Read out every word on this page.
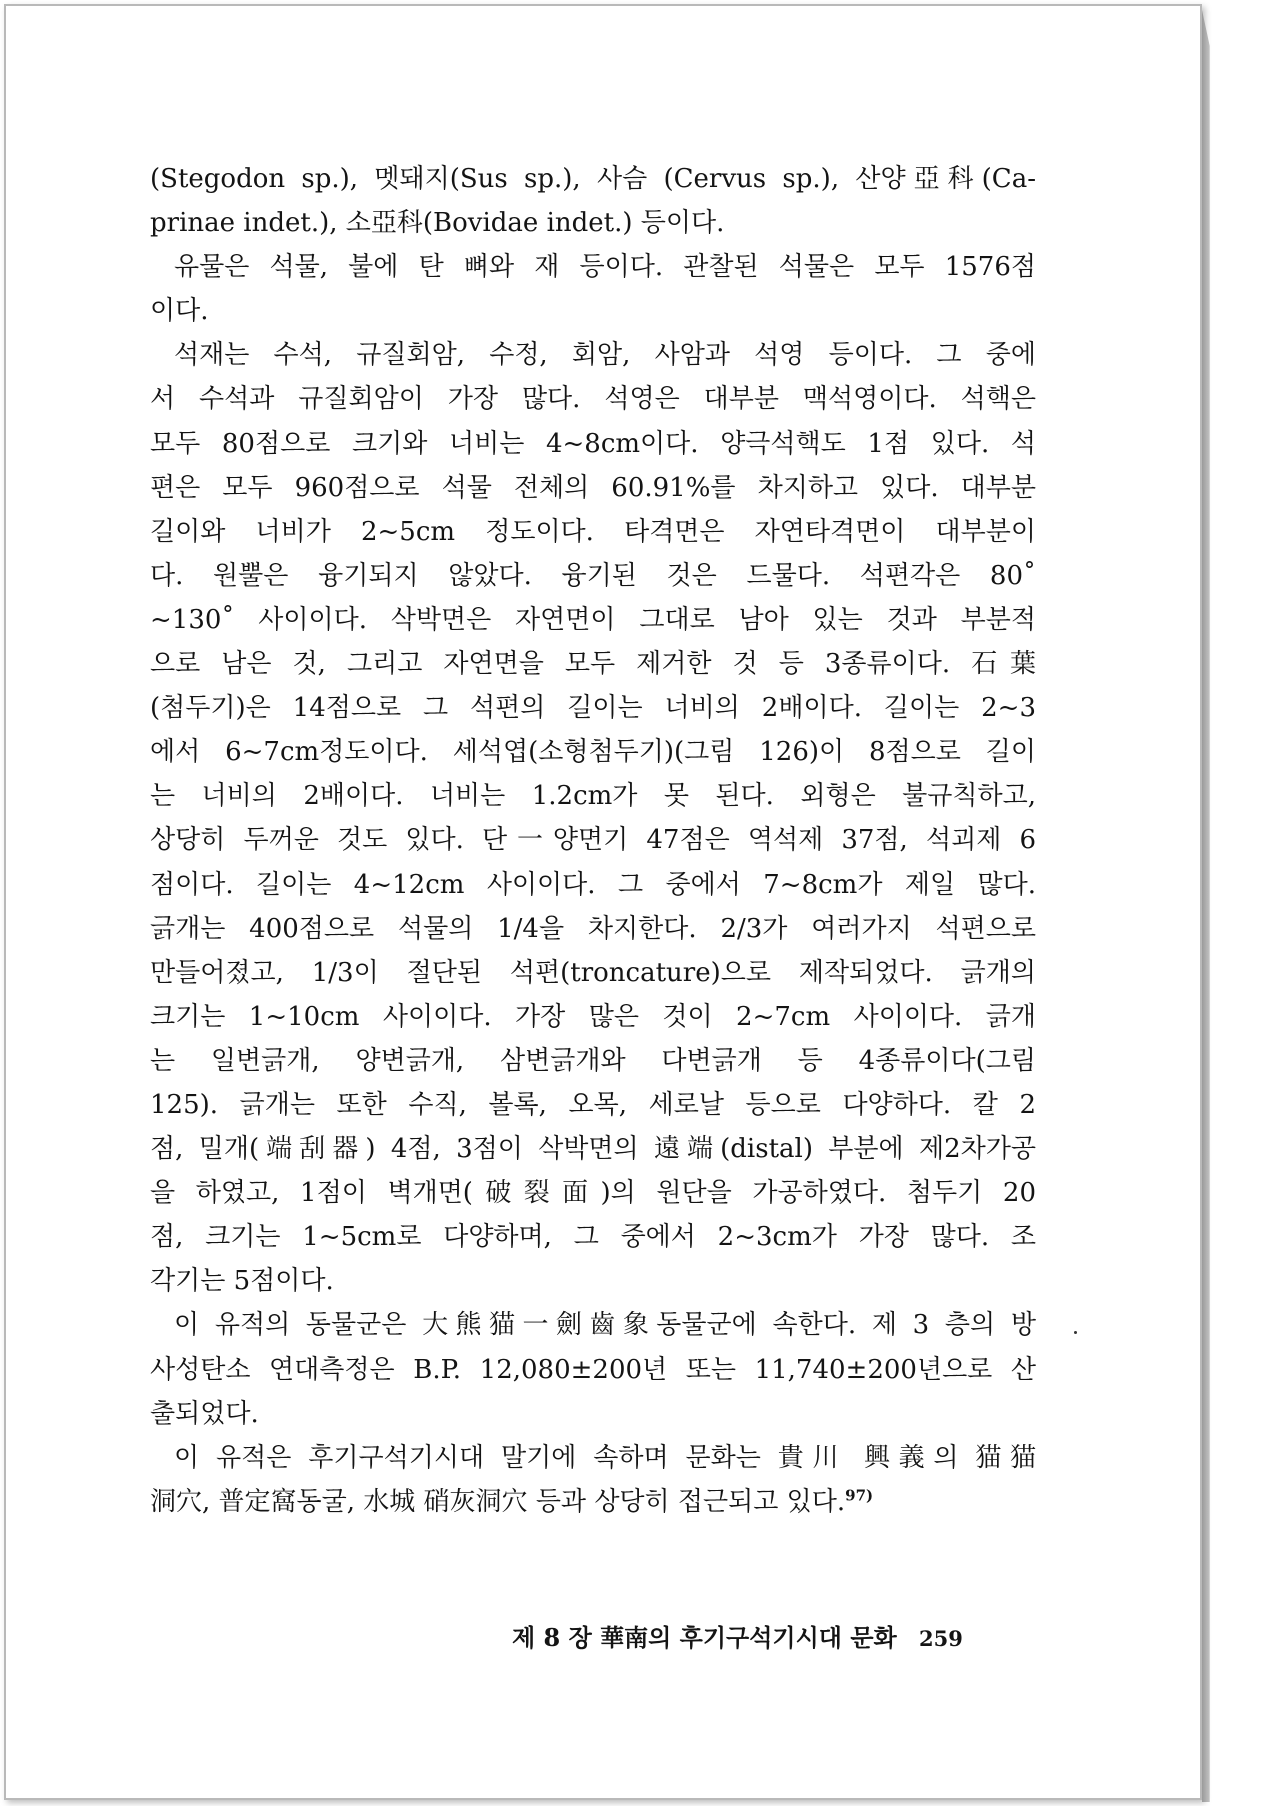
(Stegodon sp.), 멧돼지(Sus sp.), 사슴 (Cervus sp.), 산양亞科(Ca-
prinae indet.), 소亞科(Bovidae indet.) 등이다.
유물은 석물, 불에 탄 뼈와 재 등이다. 관찰된 석물은 모두 1576점
이다.
석재는 수석, 규질회암, 수정, 회암, 사암과 석영 등이다. 그 중에
서 수석과 규질회암이 가장 많다. 석영은 대부분 맥석영이다. 석핵은
모두 80점으로 크기와 너비는 4~8cm이다. 양극석핵도 1점 있다. 석
편은 모두 960점으로 석물 전체의 60.91%를 차지하고 있다. 대부분
길이와 너비가 2~5cm 정도이다. 타격면은 자연타격면이 대부분이
다. 원뿔은 융기되지 않았다. 융기된 것은 드물다. 석편각은 80˚
~130˚ 사이이다. 삭박면은 자연면이 그대로 남아 있는 것과 부분적
으로 남은 것, 그리고 자연면을 모두 제거한 것 등 3종류이다. 石葉
(첨두기)은 14점으로 그 석편의 길이는 너비의 2배이다. 길이는 2~3
에서 6~7cm정도이다. 세석엽(소형첨두기)(그림 126)이 8점으로 길이
는 너비의 2배이다. 너비는 1.2cm가 못 된다. 외형은 불규칙하고,
상당히 두꺼운 것도 있다. 단一양면기 47점은 역석제 37점, 석괴제 6
점이다. 길이는 4~12cm 사이이다. 그 중에서 7~8cm가 제일 많다.
긁개는 400점으로 석물의 1/4을 차지한다. 2/3가 여러가지 석편으로
만들어졌고, 1/3이 절단된 석편(troncature)으로 제작되었다. 긁개의
크기는 1~10cm 사이이다. 가장 많은 것이 2~7cm 사이이다. 긁개
는 일변긁개, 양변긁개, 삼변긁개와 다변긁개 등 4종류이다(그림
125). 긁개는 또한 수직, 볼록, 오목, 세로날 등으로 다양하다. 칼 2
점, 밀개(端刮器) 4점, 3점이 삭박면의 遠端(distal) 부분에 제2차가공
을 하였고, 1점이 벽개면(破裂面)의 원단을 가공하였다. 첨두기 20
점, 크기는 1~5cm로 다양하며, 그 중에서 2~3cm가 가장 많다. 조
각기는 5점이다.
이 유적의 동물군은 大熊猫一劍齒象동물군에 속한다. 제 3 층의 방
사성탄소 연대측정은 B.P. 12,080±200년 또는 11,740±200년으로 산
출되었다.
이 유적은 후기구석기시대 말기에 속하며 문화는 貴川 興義의 猫猫
洞穴, 普定窩동굴, 水城 硝灰洞穴 등과 상당히 접근되고 있다.$^{97)}$
제 8 장 華南의 후기구석기시대 문화 259
